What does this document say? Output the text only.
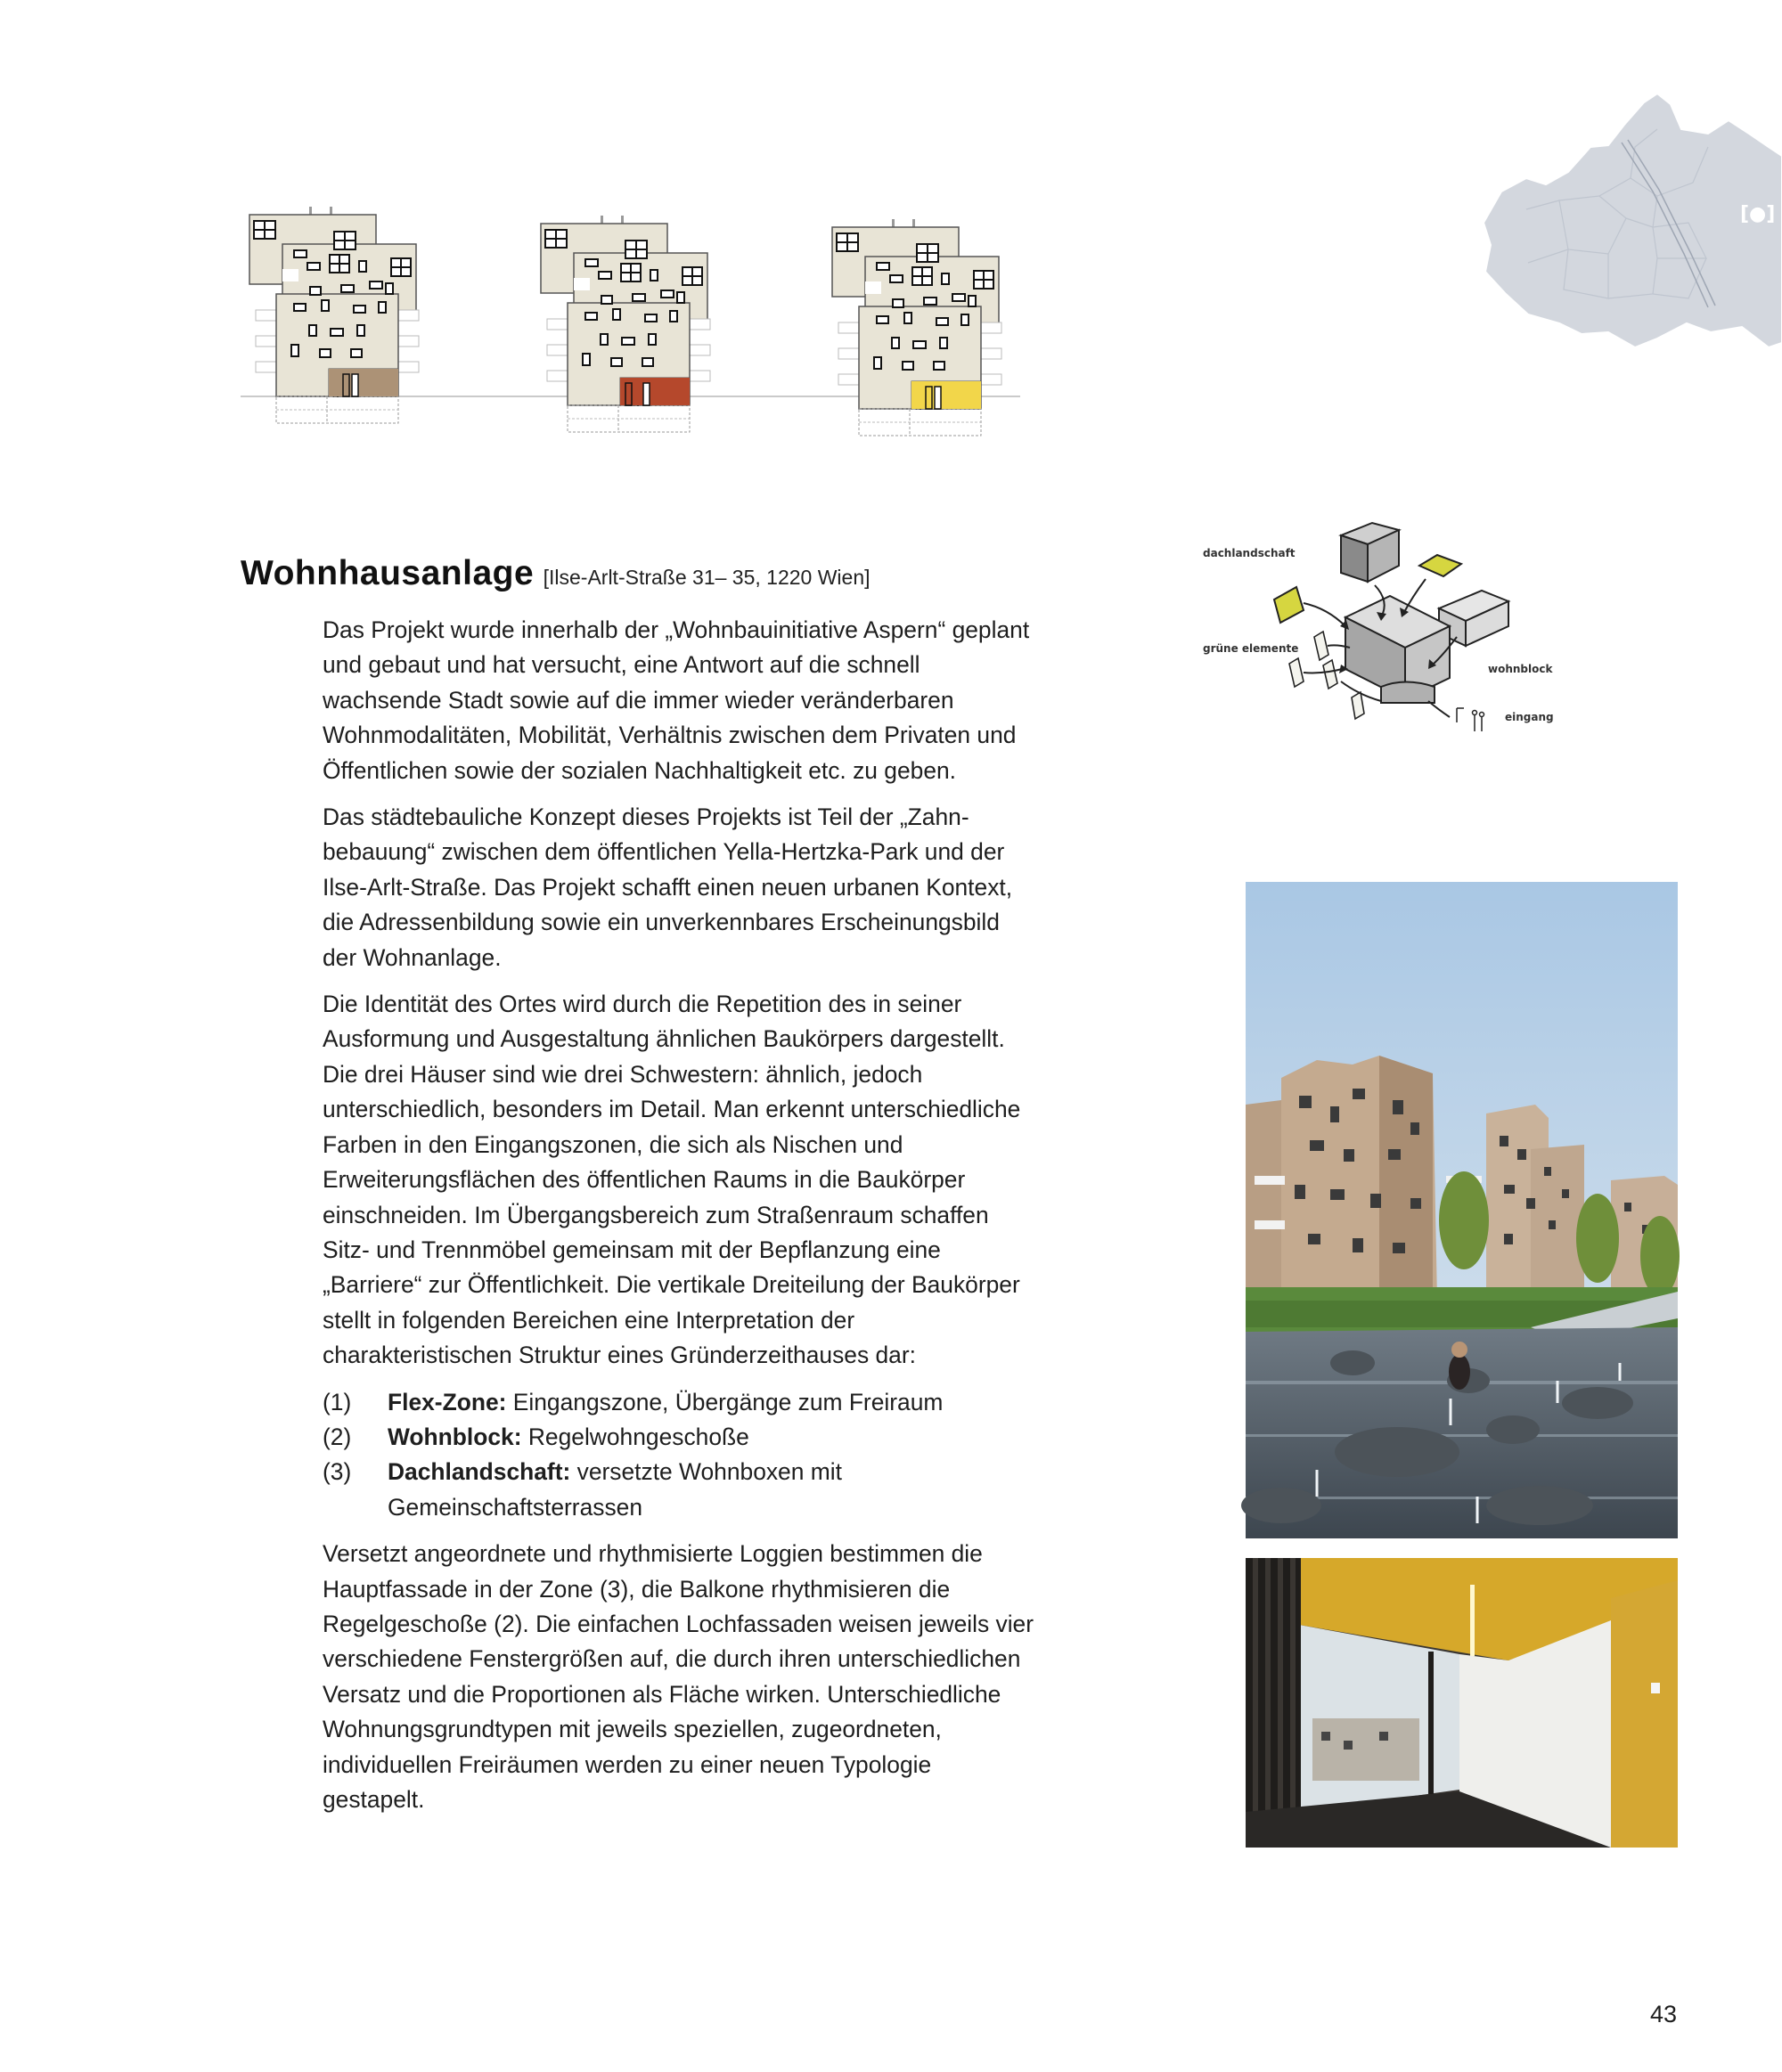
[●]
dachlandschaft
grüne elemente
wohnblock
eingang
Wohnhausanlage [Ilse-Arlt-Straße 31– 35, 1220 Wien]

Das Projekt wurde innerhalb der „Wohnbauinitiative Aspern“ geplant und gebaut und hat versucht, eine Antwort auf die schnell wachsende Stadt sowie auf die immer wieder veränderbaren Wohnmodalitäten, Mobilität, Verhältnis zwischen dem Privaten und Öffentlichen sowie der sozialen Nachhaltigkeit etc. zu geben.

Das städtebauliche Konzept dieses Projekts ist Teil der „Zahnbebauung“ zwischen dem öffentlichen Yella-Hertzka-Park und der Ilse-Arlt-Straße. Das Projekt schafft einen neuen urbanen Kontext, die Adressenbildung sowie ein unverkennbares Erscheinungsbild der Wohnanlage.

Die Identität des Ortes wird durch die Repetition des in seiner Ausformung und Ausgestaltung ähnlichen Baukörpers dargestellt. Die drei Häuser sind wie drei Schwestern: ähnlich, jedoch unterschiedlich, besonders im Detail. Man erkennt unterschiedliche Farben in den Eingangszonen, die sich als Nischen und Erweiterungsflächen des öffentlichen Raums in die Baukörper einschneiden. Im Übergangsbereich zum Straßenraum schaffen Sitz- und Trennmöbel gemeinsam mit der Bepflanzung eine „Barriere“ zur Öffentlichkeit. Die vertikale Dreiteilung der Baukörper stellt in folgenden Bereichen eine Interpretation der charakteristischen Struktur eines Gründerzeithauses dar:

(1) Flex-Zone: Eingangszone, Übergänge zum Freiraum
(2) Wohnblock: Regelwohngeschoße
(3) Dachlandschaft: versetzte Wohnboxen mit Gemeinschaftsterrassen

Versetzt angeordnete und rhythmisierte Loggien bestimmen die Hauptfassade in der Zone (3), die Balkone rhythmisieren die Regelgeschoße (2). Die einfachen Lochfassaden weisen jeweils vier verschiedene Fenstergrößen auf, die durch ihren unterschiedlichen Versatz und die Proportionen als Fläche wirken. Unterschiedliche Wohnungsgrundtypen mit jeweils speziellen, zugeordneten, individuellen Freiräumen werden zu einer neuen Typologie gestapelt.

43
